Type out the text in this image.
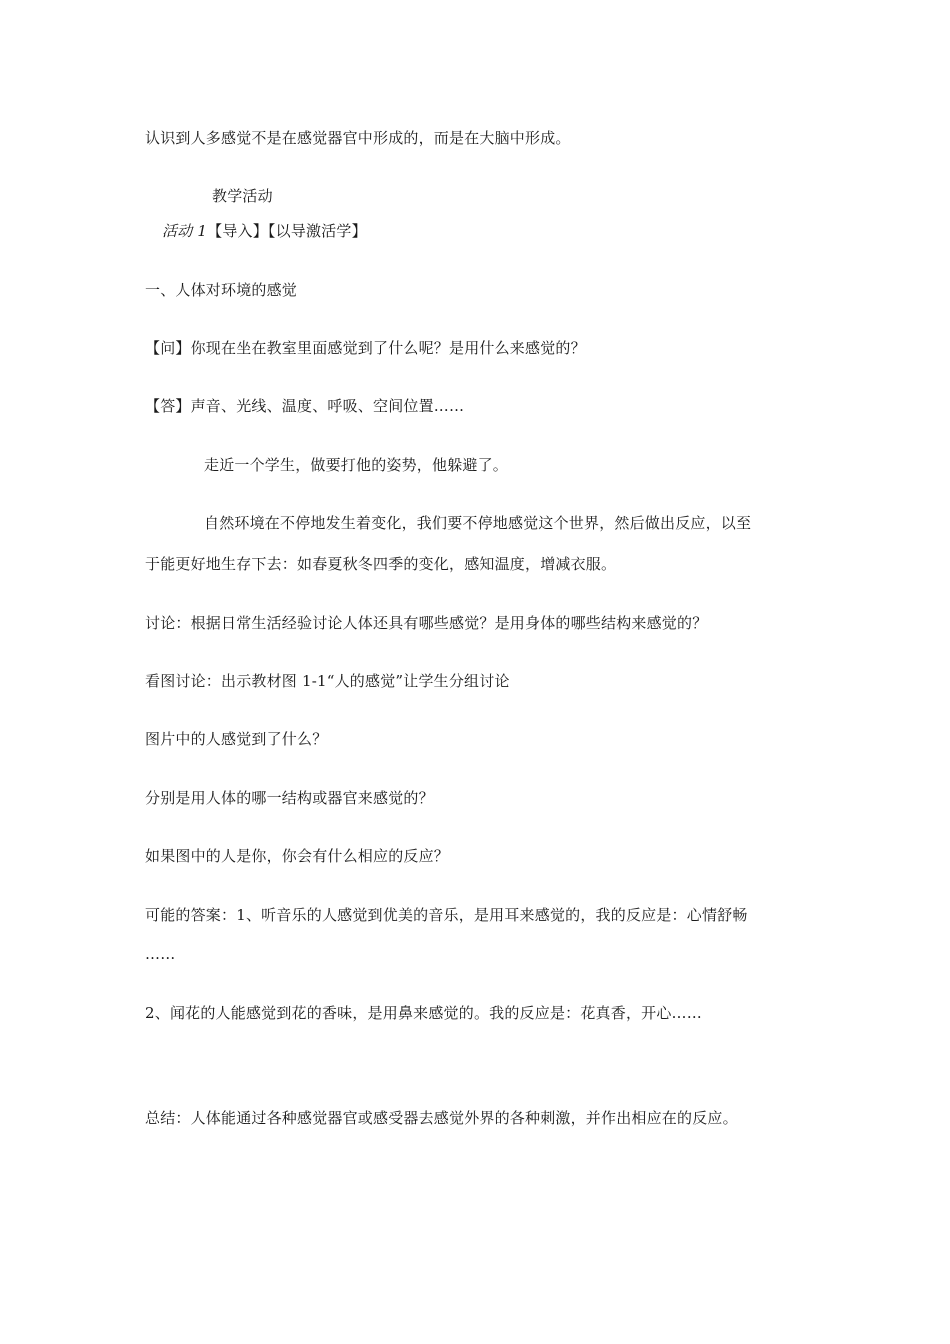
认识到人多感觉不是在感觉器官中形成的，而是在大脑中形成。
教学活动
活动 1【导入】【以导激活学】
一、人体对环境的感觉
【问】你现在坐在教室里面感觉到了什么呢？是用什么来感觉的？
【答】声音、光线、温度、呼吸、空间位置……
走近一个学生，做要打他的姿势，他躲避了。
自然环境在不停地发生着变化，我们要不停地感觉这个世界，然后做出反应，以至
于能更好地生存下去：如春夏秋冬四季的变化，感知温度，增减衣服。
讨论：根据日常生活经验讨论人体还具有哪些感觉？是用身体的哪些结构来感觉的？
看图讨论：出示教材图 1-1“人的感觉”让学生分组讨论
图片中的人感觉到了什么？
分别是用人体的哪一结构或器官来感觉的？
如果图中的人是你，你会有什么相应的反应？
可能的答案：1、听音乐的人感觉到优美的音乐，是用耳来感觉的，我的反应是：心情舒畅
……
2、闻花的人能感觉到花的香味，是用鼻来感觉的。我的反应是：花真香，开心……
总结：人体能通过各种感觉器官或感受器去感觉外界的各种刺激，并作出相应在的反应。
